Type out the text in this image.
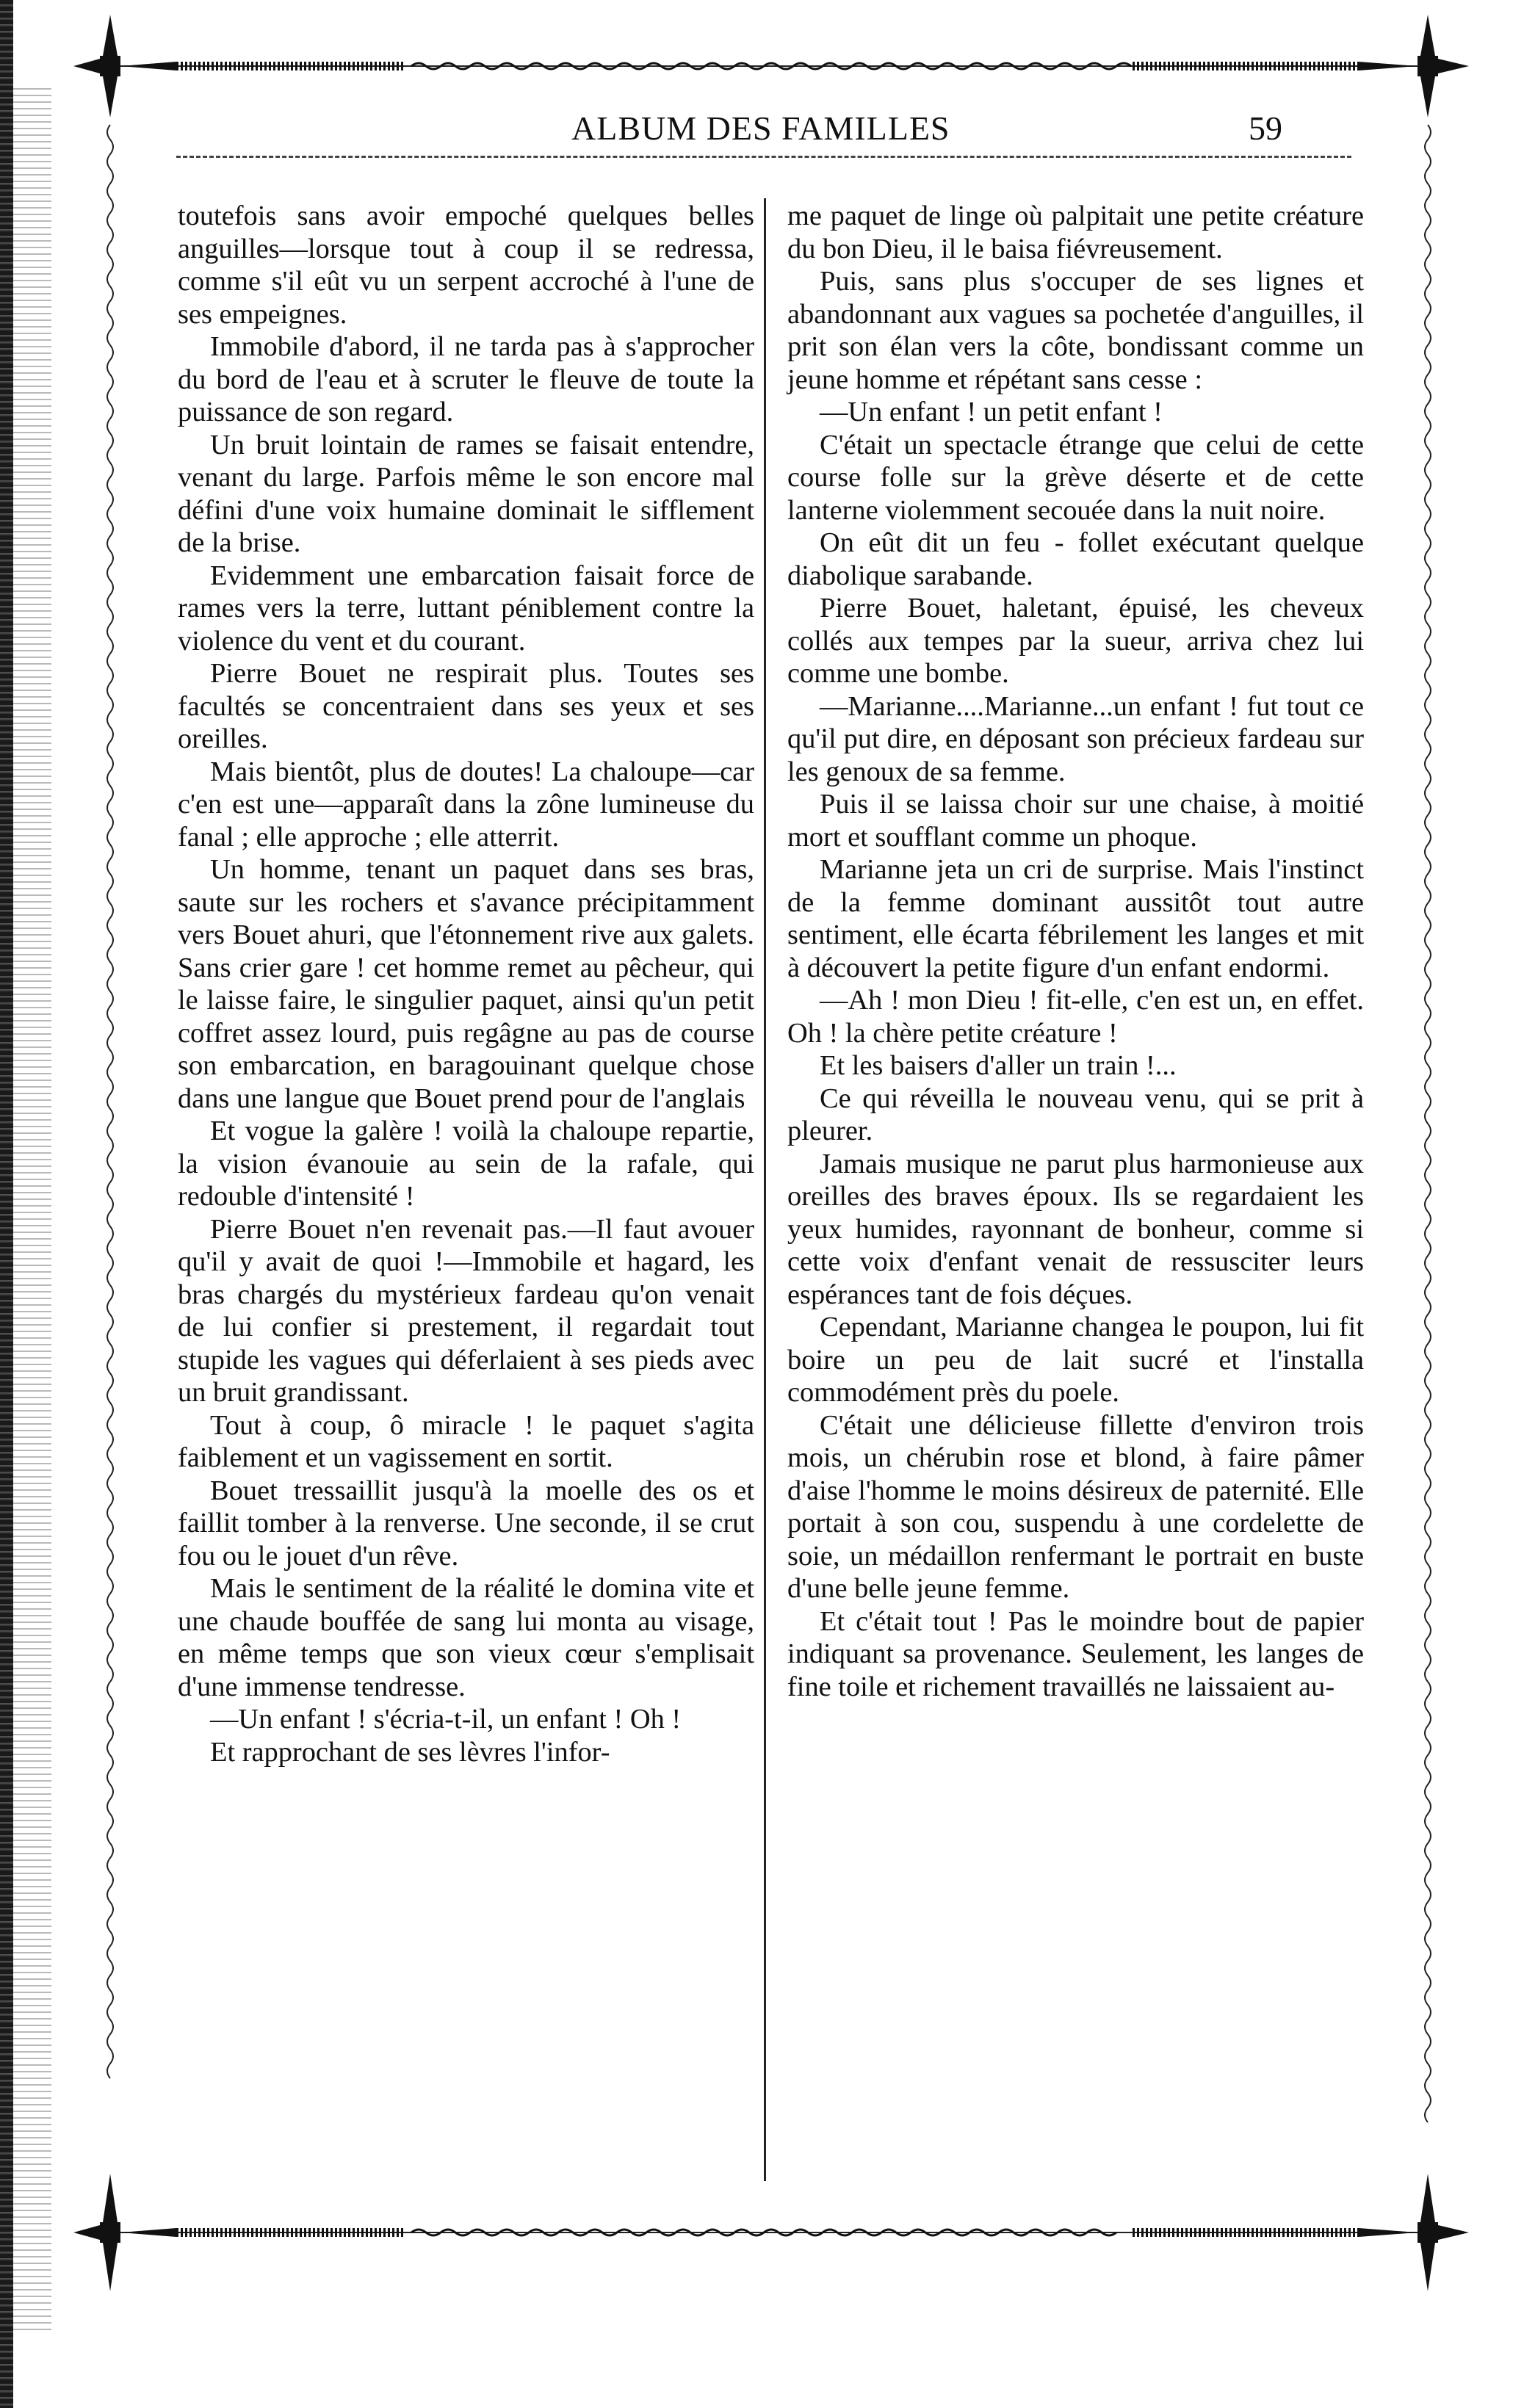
ALBUM DES FAMILLES	59

toutefois sans avoir empoché quelques belles anguilles—lorsque tout à coup il se redressa, comme s'il eût vu un serpent accroché à l'une de ses empeignes.

Immobile d'abord, il ne tarda pas à s'approcher du bord de l'eau et à scruter le fleuve de toute la puissance de son regard.

Un bruit lointain de rames se faisait entendre, venant du large. Parfois même le son encore mal défini d'une voix humaine dominait le sifflement de la brise.

Evidemment une embarcation faisait force de rames vers la terre, luttant péniblement contre la violence du vent et du courant.

Pierre Bouet ne respirait plus. Toutes ses facultés se concentraient dans ses yeux et ses oreilles.

Mais bientôt, plus de doutes! La chaloupe—car c'en est une—apparaît dans la zône lumineuse du fanal ; elle approche ; elle atterrit.

Un homme, tenant un paquet dans ses bras, saute sur les rochers et s'avance précipitamment vers Bouet ahuri, que l'étonnement rive aux galets. Sans crier gare ! cet homme remet au pêcheur, qui le laisse faire, le singulier paquet, ainsi qu'un petit coffret assez lourd, puis regâgne au pas de course son embarcation, en baragouinant quelque chose dans une langue que Bouet prend pour de l'anglais

Et vogue la galère ! voilà la chaloupe repartie, la vision évanouie au sein de la rafale, qui redouble d'intensité !

Pierre Bouet n'en revenait pas.—Il faut avouer qu'il y avait de quoi !—Immobile et hagard, les bras chargés du mystérieux fardeau qu'on venait de lui confier si prestement, il regardait tout stupide les vagues qui déferlaient à ses pieds avec un bruit grandissant.

Tout à coup, ô miracle ! le paquet s'agita faiblement et un vagissement en sortit.

Bouet tressaillit jusqu'à la moelle des os et faillit tomber à la renverse. Une seconde, il se crut fou ou le jouet d'un rêve.

Mais le sentiment de la réalité le domina vite et une chaude bouffée de sang lui monta au visage, en même temps que son vieux cœur s'emplisait d'une immense tendresse.

—Un enfant ! s'écria-t-il, un enfant ! Oh !

Et rapprochant de ses lèvres l'infor-

me paquet de linge où palpitait une petite créature du bon Dieu, il le baisa fiévreusement.

Puis, sans plus s'occuper de ses lignes et abandonnant aux vagues sa pochetée d'anguilles, il prit son élan vers la côte, bondissant comme un jeune homme et répétant sans cesse :

—Un enfant ! un petit enfant !

C'était un spectacle étrange que celui de cette course folle sur la grève déserte et de cette lanterne violemment secouée dans la nuit noire.

On eût dit un feu - follet exécutant quelque diabolique sarabande.

Pierre Bouet, haletant, épuisé, les cheveux collés aux tempes par la sueur, arriva chez lui comme une bombe.

—Marianne....Marianne...un enfant ! fut tout ce qu'il put dire, en déposant son précieux fardeau sur les genoux de sa femme.

Puis il se laissa choir sur une chaise, à moitié mort et soufflant comme un phoque.

Marianne jeta un cri de surprise. Mais l'instinct de la femme dominant aussitôt tout autre sentiment, elle écarta fébrilement les langes et mit à découvert la petite figure d'un enfant endormi.

—Ah ! mon Dieu ! fit-elle, c'en est un, en effet. Oh ! la chère petite créature !

Et les baisers d'aller un train !...

Ce qui réveilla le nouveau venu, qui se prit à pleurer.

Jamais musique ne parut plus harmonieuse aux oreilles des braves époux. Ils se regardaient les yeux humides, rayonnant de bonheur, comme si cette voix d'enfant venait de ressusciter leurs espérances tant de fois déçues.

Cependant, Marianne changea le poupon, lui fit boire un peu de lait sucré et l'installa commodément près du poele.

C'était une délicieuse fillette d'environ trois mois, un chérubin rose et blond, à faire pâmer d'aise l'homme le moins désireux de paternité. Elle portait à son cou, suspendu à une cordelette de soie, un médaillon renfermant le portrait en buste d'une belle jeune femme.

Et c'était tout ! Pas le moindre bout de papier indiquant sa provenance. Seulement, les langes de fine toile et richement travaillés ne laissaient au-
